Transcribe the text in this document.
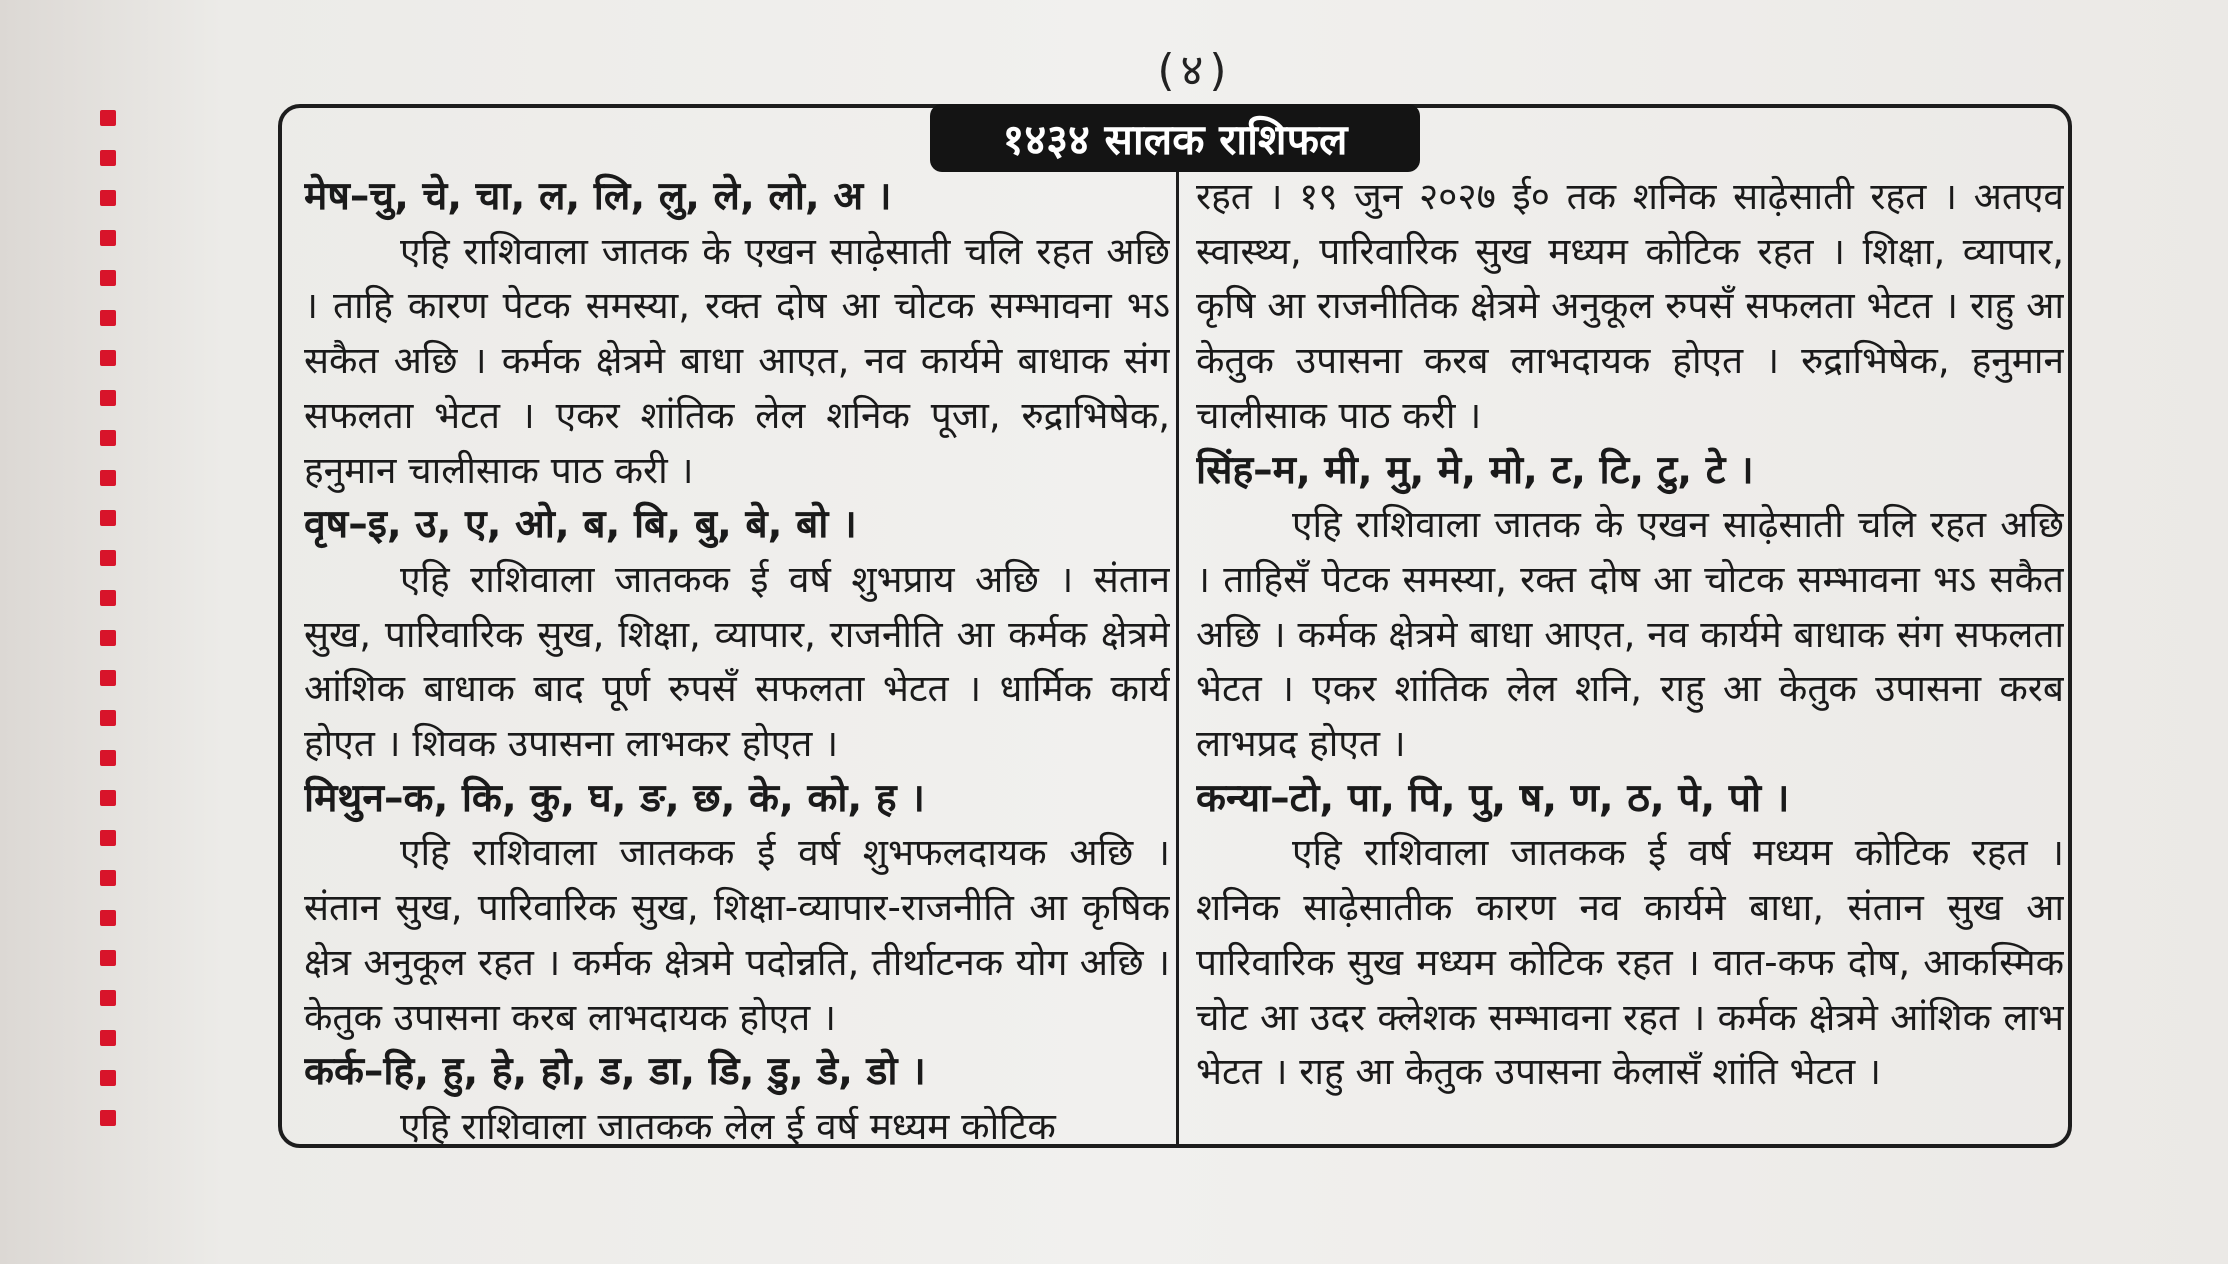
(४)
१४३४ सालक राशिफल
मेष–चु, चे, चा, ल, लि, लु, ले, लो, अ ।
एहि राशिवाला जातक के एखन साढ़ेसाती चलि रहत अछि । ताहि कारण पेटक समस्या, रक्त दोष आ चोटक सम्भावना भऽ सकैत अछि । कर्मक क्षेत्रमे बाधा आएत, नव कार्यमे बाधाक संग सफलता भेटत । एकर शांतिक लेल शनिक पूजा, रुद्राभिषेक, हनुमान चालीसाक पाठ करी ।
वृष–इ, उ, ए, ओ, ब, बि, बु, बे, बो ।
एहि राशिवाला जातकक ई वर्ष शुभप्राय अछि । संतान सुख, पारिवारिक सुख, शिक्षा, व्यापार, राजनीति आ कर्मक क्षेत्रमे आंशिक बाधाक बाद पूर्ण रुपसँ सफलता भेटत । धार्मिक कार्य होएत । शिवक उपासना लाभकर होएत ।
मिथुन–क, कि, कु, घ, ङ, छ, के, को, ह ।
एहि राशिवाला जातकक ई वर्ष शुभफलदायक अछि । संतान सुख, पारिवारिक सुख, शिक्षा-व्यापार-राजनीति आ कृषिक क्षेत्र अनुकूल रहत । कर्मक क्षेत्रमे पदोन्नति, तीर्थाटनक योग अछि । केतुक उपासना करब लाभदायक होएत ।
कर्क–हि, हु, हे, हो, ड, डा, डि, डु, डे, डो ।
एहि राशिवाला जातकक लेल ई वर्ष मध्यम कोटिक
रहत । १९ जुन २०२७ ई० तक शनिक साढ़ेसाती रहत । अतएव स्वास्थ्य, पारिवारिक सुख मध्यम कोटिक रहत । शिक्षा, व्यापार, कृषि आ राजनीतिक क्षेत्रमे अनुकूल रुपसँ सफलता भेटत । राहु आ केतुक उपासना करब लाभदायक होएत । रुद्राभिषेक, हनुमान चालीसाक पाठ करी ।
सिंह–म, मी, मु, मे, मो, ट, टि, टु, टे ।
एहि राशिवाला जातक के एखन साढ़ेसाती चलि रहत अछि । ताहिसँ पेटक समस्या, रक्त दोष आ चोटक सम्भावना भऽ सकैत अछि । कर्मक क्षेत्रमे बाधा आएत, नव कार्यमे बाधाक संग सफलता भेटत । एकर शांतिक लेल शनि, राहु आ केतुक उपासना करब लाभप्रद होएत ।
कन्या–टो, पा, पि, पु, ष, ण, ठ, पे, पो ।
एहि राशिवाला जातकक ई वर्ष मध्यम कोटिक रहत । शनिक साढ़ेसातीक कारण नव कार्यमे बाधा, संतान सुख आ पारिवारिक सुख मध्यम कोटिक रहत । वात-कफ दोष, आकस्मिक चोट आ उदर क्लेशक सम्भावना रहत । कर्मक क्षेत्रमे आंशिक लाभ भेटत । राहु आ केतुक उपासना केलासँ शांति भेटत ।
